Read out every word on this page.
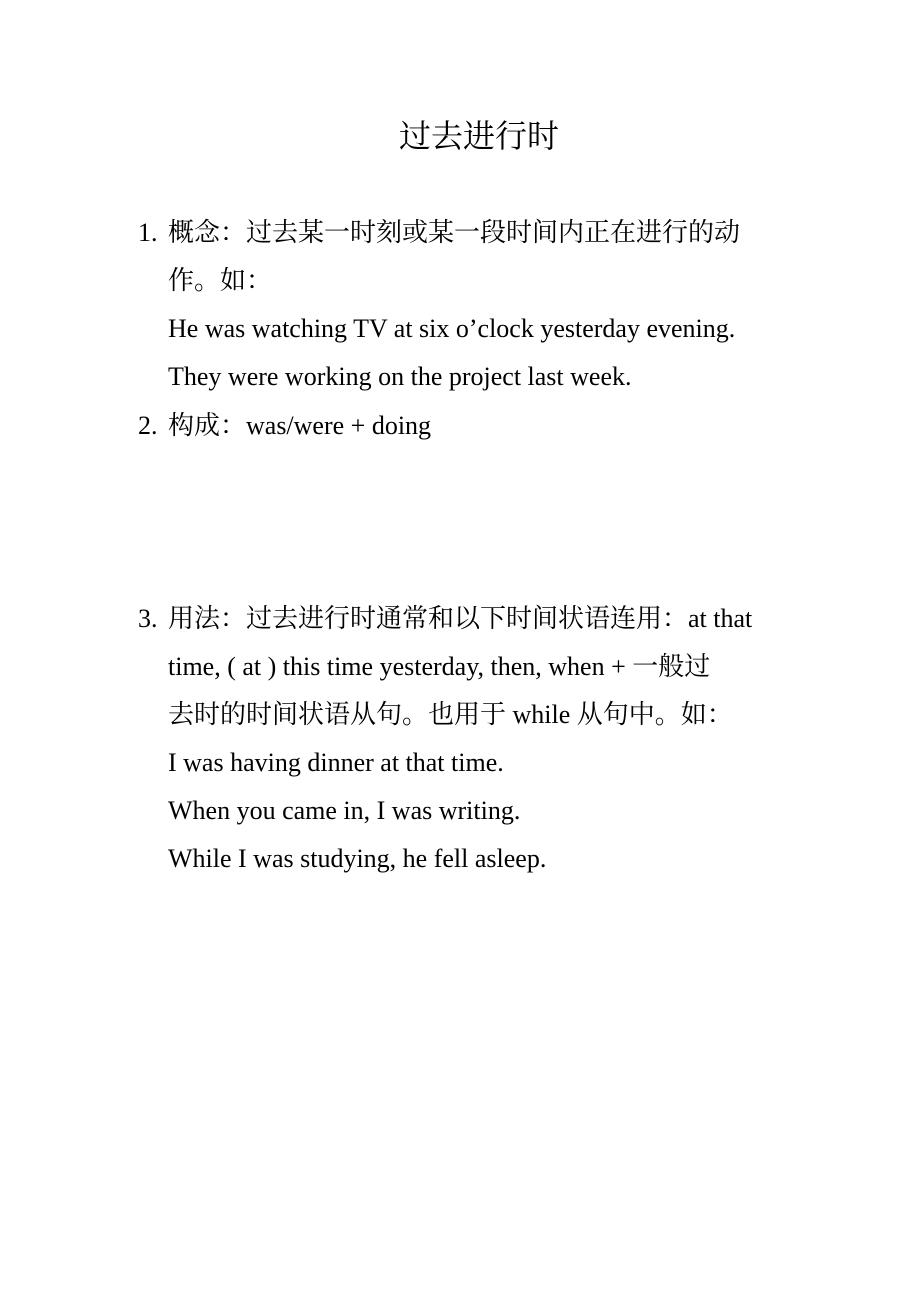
过去进行时
1. 概念：过去某一时刻或某一段时间内正在进行的动
作。如：
He was watching TV at six o’clock yesterday evening.
They were working on the project last week.
2. 构成：was/were + doing
3. 用法：过去进行时通常和以下时间状语连用：at that
time, ( at ) this time yesterday, then, when + 一般过
去时的时间状语从句。也用于 while 从句中。如：
I was having dinner at that time.
When you came in, I was writing.
While I was studying, he fell asleep.
